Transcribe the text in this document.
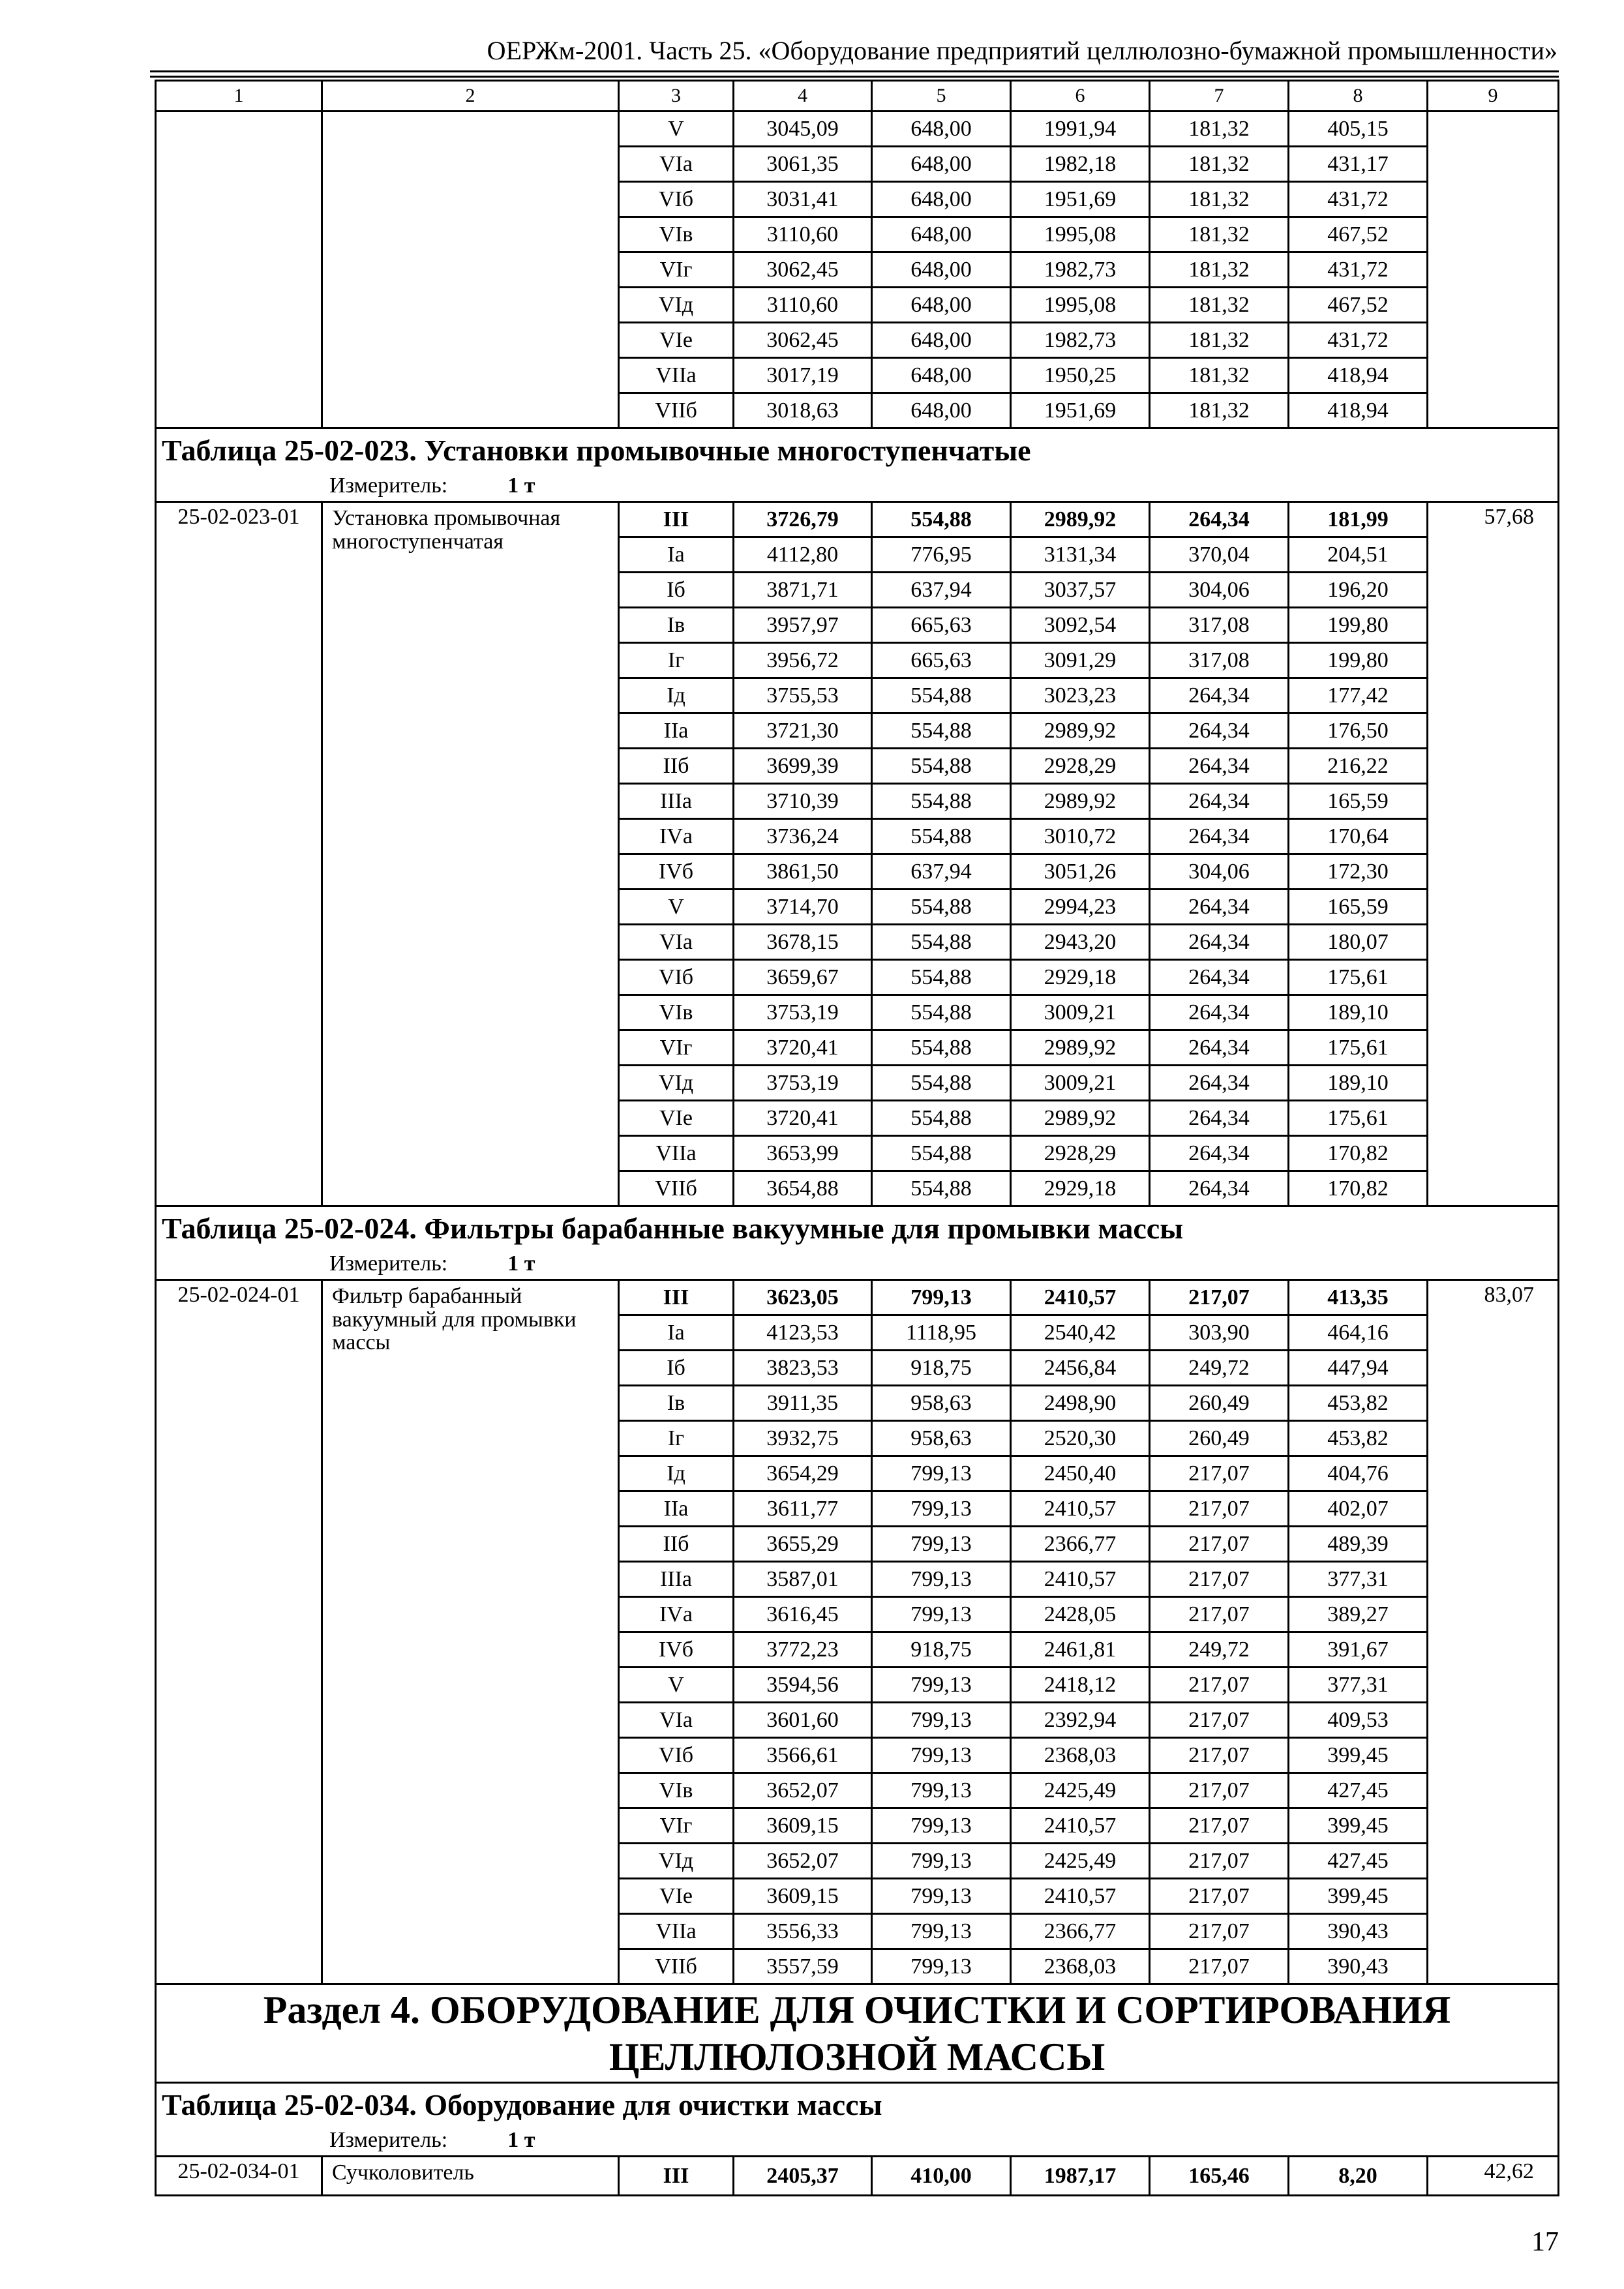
ОЕРЖм-2001. Часть 25. «Оборудование предприятий целлюлозно-бумажной промышленности»
1	2	3	4	5	6	7	8	9
		V	3045,09	648,00	1991,94	181,32	405,15	
		VIа	3061,35	648,00	1982,18	181,32	431,17	
		VIб	3031,41	648,00	1951,69	181,32	431,72	
		VIв	3110,60	648,00	1995,08	181,32	467,52	
		VIг	3062,45	648,00	1982,73	181,32	431,72	
		VIд	3110,60	648,00	1995,08	181,32	467,52	
		VIе	3062,45	648,00	1982,73	181,32	431,72	
		VIIа	3017,19	648,00	1950,25	181,32	418,94	
		VIIб	3018,63	648,00	1951,69	181,32	418,94	
Таблица 25-02-023. Установки промывочные многоступенчатые								
Измеритель: 1 т								
25-02-023-01	Установка промывочная многоступенчатая	III	3726,79	554,88	2989,92	264,34	181,99	57,68
		Iа	4112,80	776,95	3131,34	370,04	204,51	
		Iб	3871,71	637,94	3037,57	304,06	196,20	
		Iв	3957,97	665,63	3092,54	317,08	199,80	
		Iг	3956,72	665,63	3091,29	317,08	199,80	
		Iд	3755,53	554,88	3023,23	264,34	177,42	
		IIа	3721,30	554,88	2989,92	264,34	176,50	
		IIб	3699,39	554,88	2928,29	264,34	216,22	
		IIIа	3710,39	554,88	2989,92	264,34	165,59	
		IVа	3736,24	554,88	3010,72	264,34	170,64	
		IVб	3861,50	637,94	3051,26	304,06	172,30	
		V	3714,70	554,88	2994,23	264,34	165,59	
		VIа	3678,15	554,88	2943,20	264,34	180,07	
		VIб	3659,67	554,88	2929,18	264,34	175,61	
		VIв	3753,19	554,88	3009,21	264,34	189,10	
		VIг	3720,41	554,88	2989,92	264,34	175,61	
		VIд	3753,19	554,88	3009,21	264,34	189,10	
		VIе	3720,41	554,88	2989,92	264,34	175,61	
		VIIа	3653,99	554,88	2928,29	264,34	170,82	
		VIIб	3654,88	554,88	2929,18	264,34	170,82	
Таблица 25-02-024. Фильтры барабанные вакуумные для промывки массы								
Измеритель: 1 т								
25-02-024-01	Фильтр барабанный вакуумный для промывки массы	III	3623,05	799,13	2410,57	217,07	413,35	83,07
		Iа	4123,53	1118,95	2540,42	303,90	464,16	
		Iб	3823,53	918,75	2456,84	249,72	447,94	
		Iв	3911,35	958,63	2498,90	260,49	453,82	
		Iг	3932,75	958,63	2520,30	260,49	453,82	
		Iд	3654,29	799,13	2450,40	217,07	404,76	
		IIа	3611,77	799,13	2410,57	217,07	402,07	
		IIб	3655,29	799,13	2366,77	217,07	489,39	
		IIIа	3587,01	799,13	2410,57	217,07	377,31	
		IVа	3616,45	799,13	2428,05	217,07	389,27	
		IVб	3772,23	918,75	2461,81	249,72	391,67	
		V	3594,56	799,13	2418,12	217,07	377,31	
		VIа	3601,60	799,13	2392,94	217,07	409,53	
		VIб	3566,61	799,13	2368,03	217,07	399,45	
		VIв	3652,07	799,13	2425,49	217,07	427,45	
		VIг	3609,15	799,13	2410,57	217,07	399,45	
		VIд	3652,07	799,13	2425,49	217,07	427,45	
		VIе	3609,15	799,13	2410,57	217,07	399,45	
		VIIа	3556,33	799,13	2366,77	217,07	390,43	
		VIIб	3557,59	799,13	2368,03	217,07	390,43	
Раздел 4. ОБОРУДОВАНИЕ ДЛЯ ОЧИСТКИ И СОРТИРОВАНИЯ ЦЕЛЛЮЛОЗНОЙ МАССЫ								
Таблица 25-02-034. Оборудование для очистки массы								
Измеритель: 1 т								
25-02-034-01	Сучколовитель	III	2405,37	410,00	1987,17	165,46	8,20	42,62
17
